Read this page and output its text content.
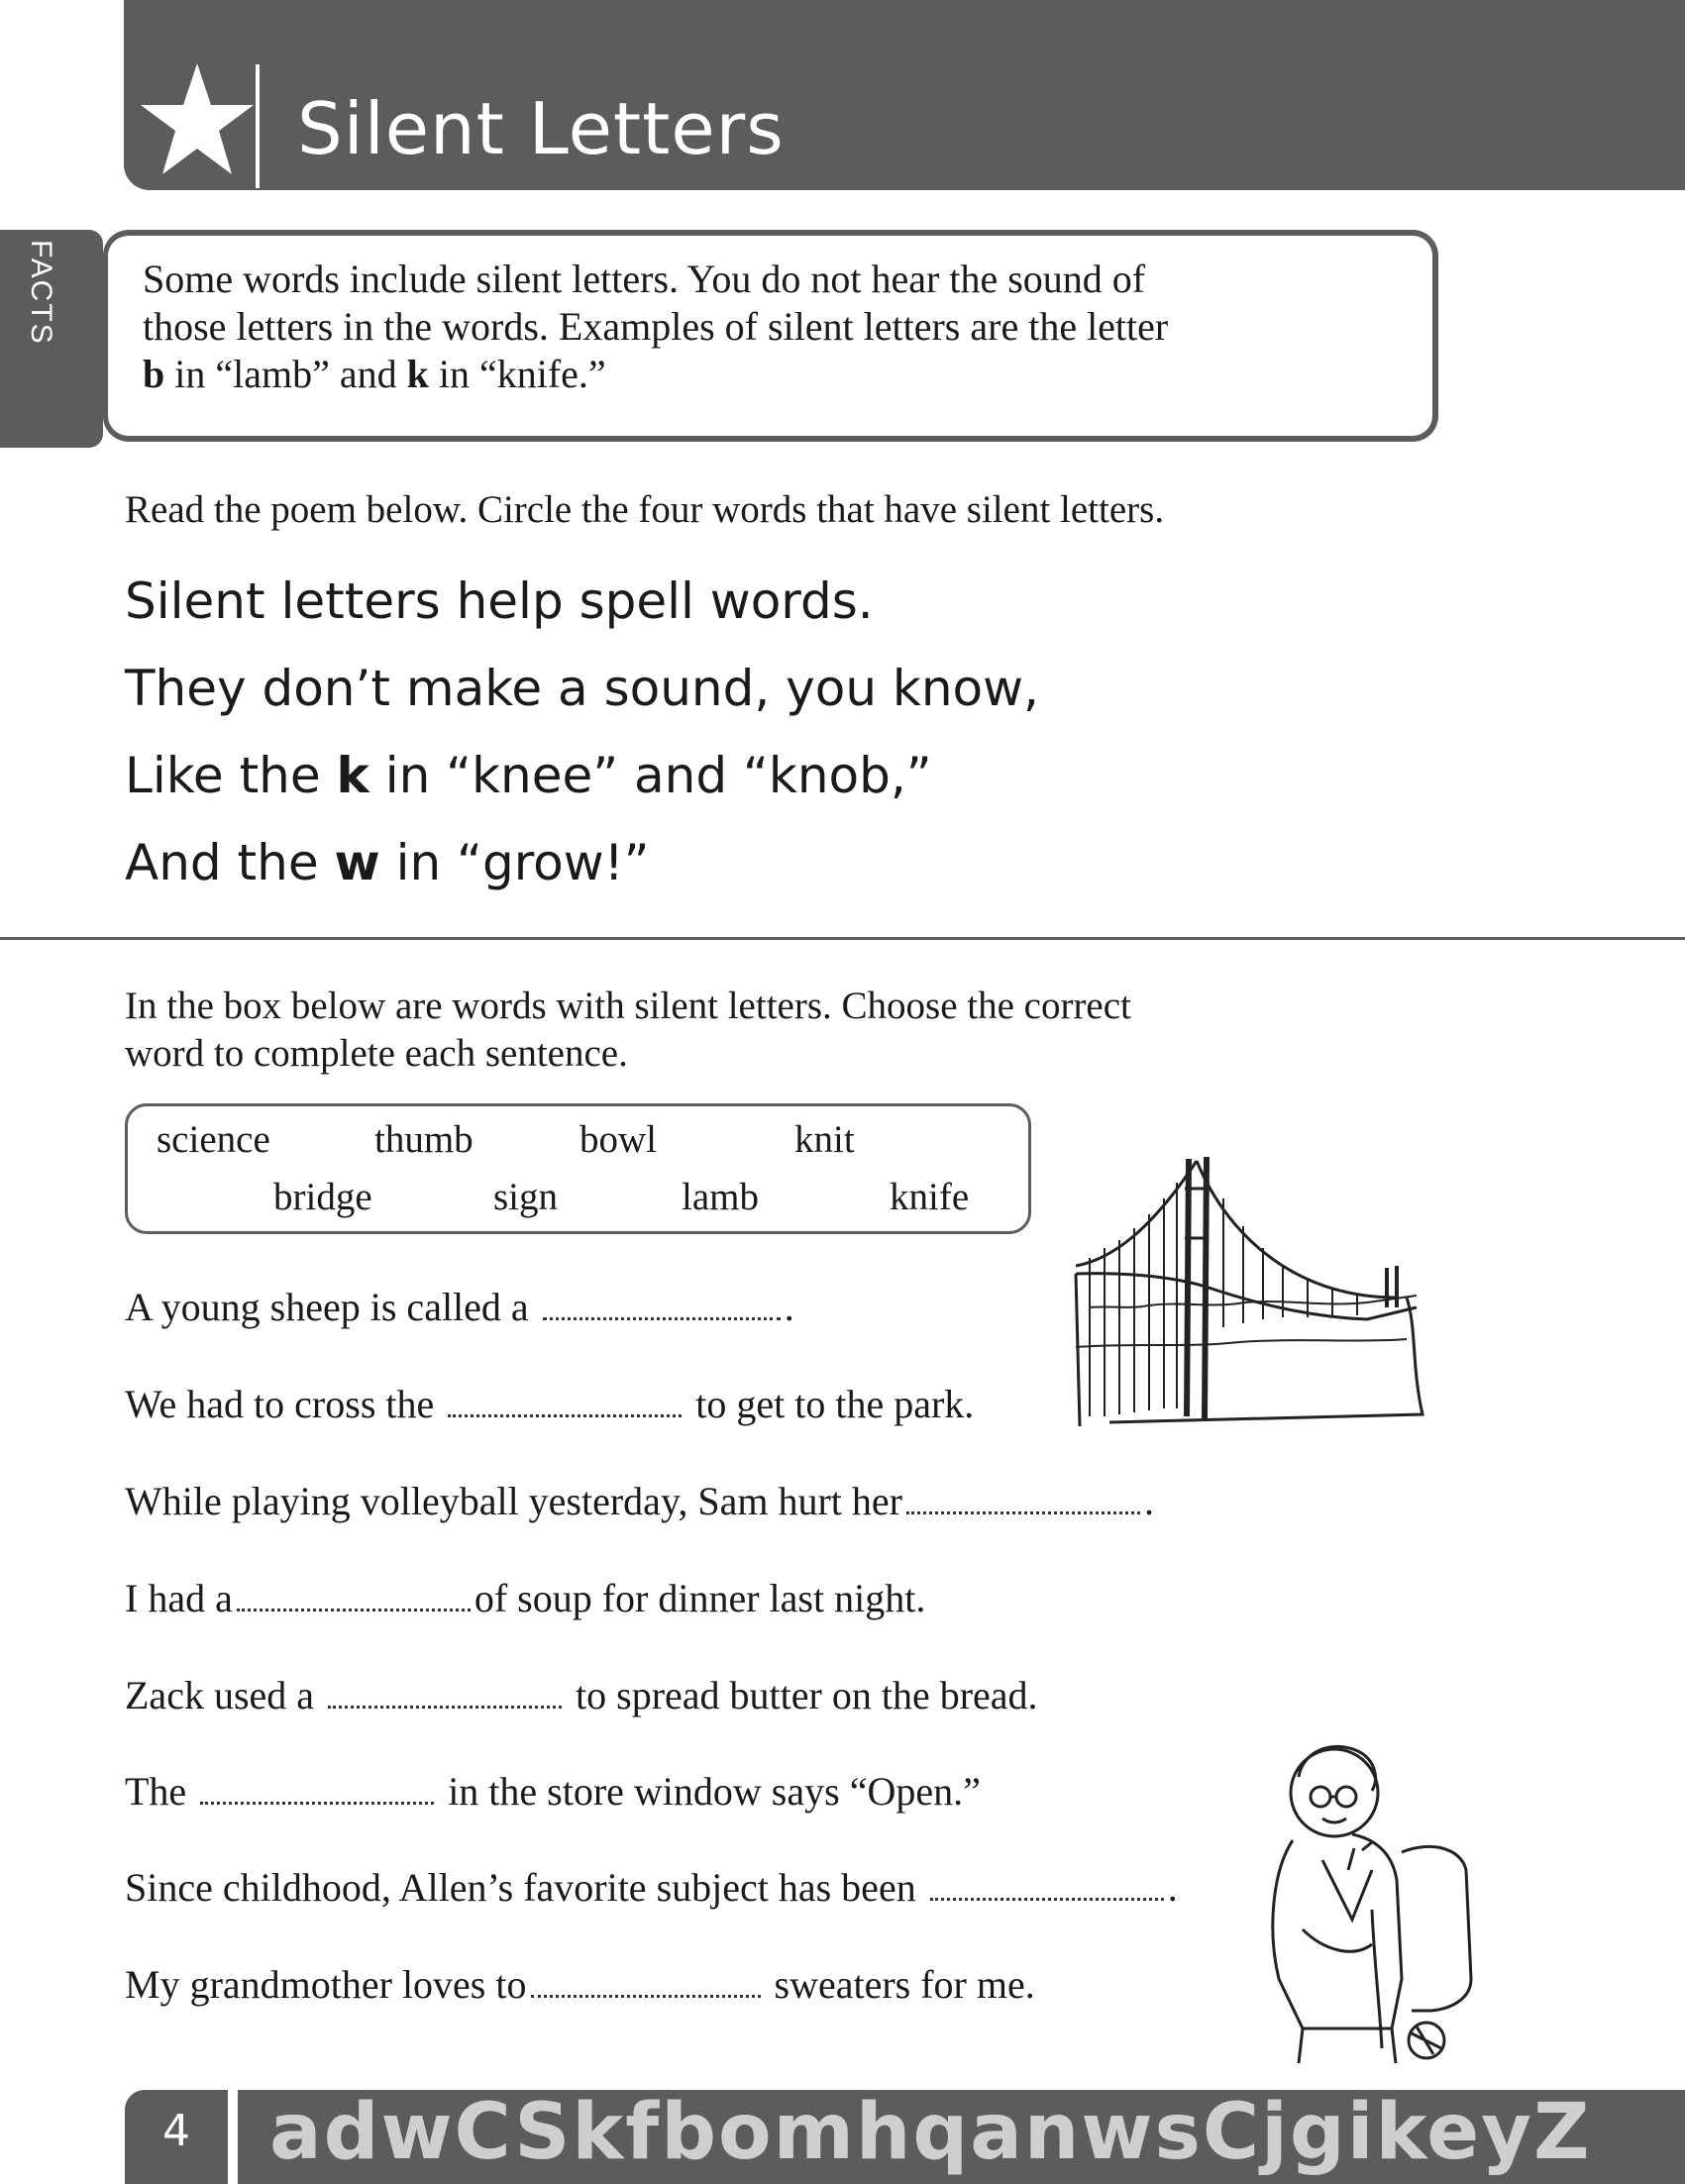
Silent Letters
FACTS Some words include silent letters. You do not hear the sound of
those letters in the words. Examples of silent letters are the letter
b in “lamb” and k in “knife.”
Read the poem below. Circle the four words that have silent letters.
Silent letters help spell words.
They don’t make a sound, you know,
Like the k in “knee” and “knob,”
And the w in “grow!”
In the box below are words with silent letters. Choose the correct
word to complete each sentence.
science	thumb	bowl	knit
bridge	sign	lamb	knife
A young sheep is called a	.
We had to cross the	to get to the park.
While playing volleyball yesterday, Sam hurt her	.
I had a	of soup for dinner last night.
Zack used a	to spread butter on the bread.
The	in the store window says “Open.”
Since childhood, Allen’s favorite subject has been	.
My grandmother loves to	sweaters for me.
4	adwCSkfbomhqanwsCjgikeyZ
